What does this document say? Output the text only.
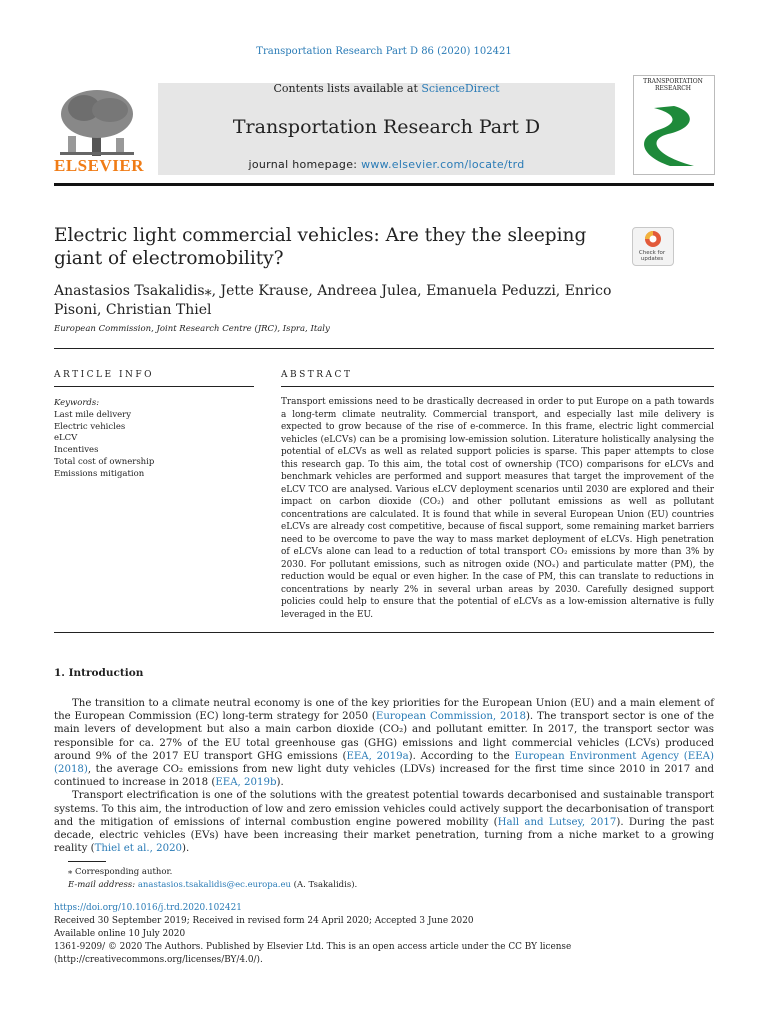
Transportation Research Part D 86 (2020) 102421
ELSEVIER
Contents lists available at ScienceDirect
Transportation Research Part D
journal homepage: www.elsevier.com/locate/trd
TRANSPORTATION RESEARCH
Electric light commercial vehicles: Are they the sleeping giant of electromobility?	Check for updates
Anastasios Tsakalidis⁎, Jette Krause, Andreea Julea, Emanuela Peduzzi, Enrico Pisoni, Christian Thiel
European Commission, Joint Research Centre (JRC), Ispra, Italy
ARTICLE INFO
Keywords:
Last mile delivery
Electric vehicles
eLCV
Incentives
Total cost of ownership
Emissions mitigation
ABSTRACT
Transport emissions need to be drastically decreased in order to put Europe on a path towards a long-term climate neutrality. Commercial transport, and especially last mile delivery is expected to grow because of the rise of e-commerce. In this frame, electric light commercial vehicles (eLCVs) can be a promising low-emission solution. Literature holistically analysing the potential of eLCVs as well as related support policies is sparse. This paper attempts to close this research gap. To this aim, the total cost of ownership (TCO) comparisons for eLCVs and benchmark vehicles are performed and support measures that target the improvement of the eLCV TCO are analysed. Various eLCV deployment scenarios until 2030 are explored and their impact on carbon dioxide (CO₂) and other pollutant emissions as well as pollutant concentrations are calculated. It is found that while in several European Union (EU) countries eLCVs are already cost competitive, because of fiscal support, some remaining market barriers need to be overcome to pave the way to mass market deployment of eLCVs. High penetration of eLCVs alone can lead to a reduction of total transport CO₂ emissions by more than 3% by 2030. For pollutant emissions, such as nitrogen oxide (NOₓ) and particulate matter (PM), the reduction would be equal or even higher. In the case of PM, this can translate to reductions in concentrations by nearly 2% in several urban areas by 2030. Carefully designed support policies could help to ensure that the potential of eLCVs as a low-emission alternative is fully leveraged in the EU.
1. Introduction

The transition to a climate neutral economy is one of the key priorities for the European Union (EU) and a main element of the European Commission (EC) long-term strategy for 2050 (European Commission, 2018). The transport sector is one of the main levers of development but also a main carbon dioxide (CO₂) and pollutant emitter. In 2017, the transport sector was responsible for ca. 27% of the EU total greenhouse gas (GHG) emissions and light commercial vehicles (LCVs) produced around 9% of the 2017 EU transport GHG emissions (EEA, 2019a). According to the European Environment Agency (EEA) (2018), the average CO₂ emissions from new light duty vehicles (LDVs) increased for the first time since 2010 in 2017 and continued to increase in 2018 (EEA, 2019b).

Transport electrification is one of the solutions with the greatest potential towards decarbonised and sustainable transport systems. To this aim, the introduction of low and zero emission vehicles could actively support the decarbonisation of transport and the mitigation of emissions of internal combustion engine powered mobility (Hall and Lutsey, 2017). During the past decade, electric vehicles (EVs) have been increasing their market penetration, turning from a niche market to a growing reality (Thiel et al., 2020).

⁎ Corresponding author.
E-mail address: anastasios.tsakalidis@ec.europa.eu (A. Tsakalidis).
https://doi.org/10.1016/j.trd.2020.102421
Received 30 September 2019; Received in revised form 24 April 2020; Accepted 3 June 2020
Available online 10 July 2020
1361-9209/ © 2020 The Authors. Published by Elsevier Ltd. This is an open access article under the CC BY license (http://creativecommons.org/licenses/BY/4.0/).
